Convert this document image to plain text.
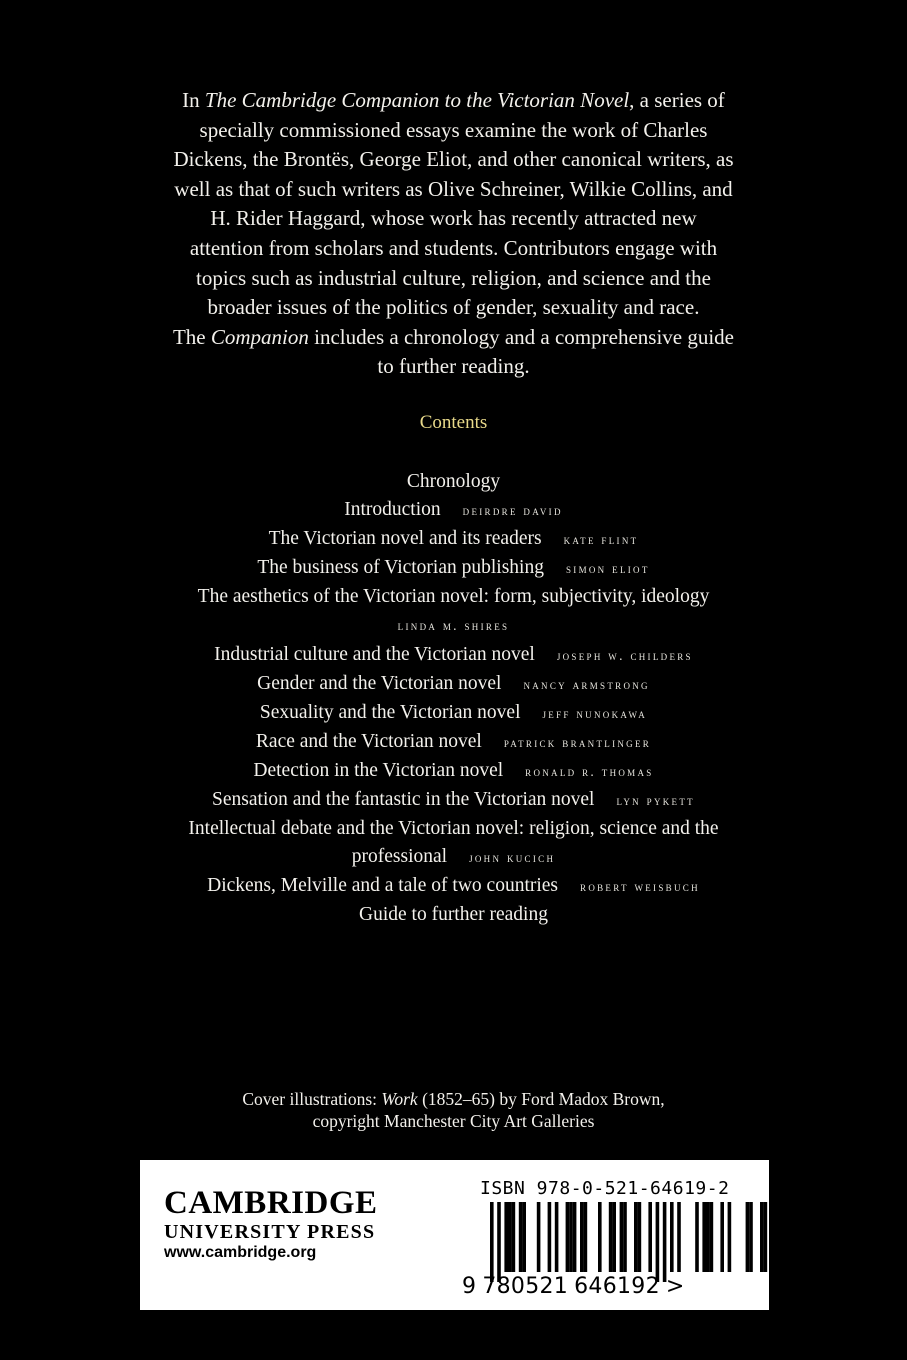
In The Cambridge Companion to the Victorian Novel, a series of

specially commissioned essays examine the work of Charles

Dickens, the Brontës, George Eliot, and other canonical writers, as

well as that of such writers as Olive Schreiner, Wilkie Collins, and

H. Rider Haggard, whose work has recently attracted new

attention from scholars and students. Contributors engage with

topics such as industrial culture, religion, and science and the

broader issues of the politics of gender, sexuality and race.

The Companion includes a chronology and a comprehensive guide

to further reading.

Contents
Chronology
Introduction deirdre david
The Victorian novel and its readers kate flint
The business of Victorian publishing simon eliot
The aesthetics of the Victorian novel: form, subjectivity, ideology
linda m. shires
Industrial culture and the Victorian novel joseph w. childers
Gender and the Victorian novel nancy armstrong
Sexuality and the Victorian novel jeff nunokawa
Race and the Victorian novel patrick brantlinger
Detection in the Victorian novel ronald r. thomas
Sensation and the fantastic in the Victorian novel lyn pykett
Intellectual debate and the Victorian novel: religion, science and the
professional john kucich
Dickens, Melville and a tale of two countries robert weisbuch
Guide to further reading
Cover illustrations: Work (1852–65) by Ford Madox Brown,
copyright Manchester City Art Galleries
CAMBRIDGE
UNIVERSITY PRESS
www.cambridge.org
ISBN 978-0-521-64619-2
9 780521 646192 >
